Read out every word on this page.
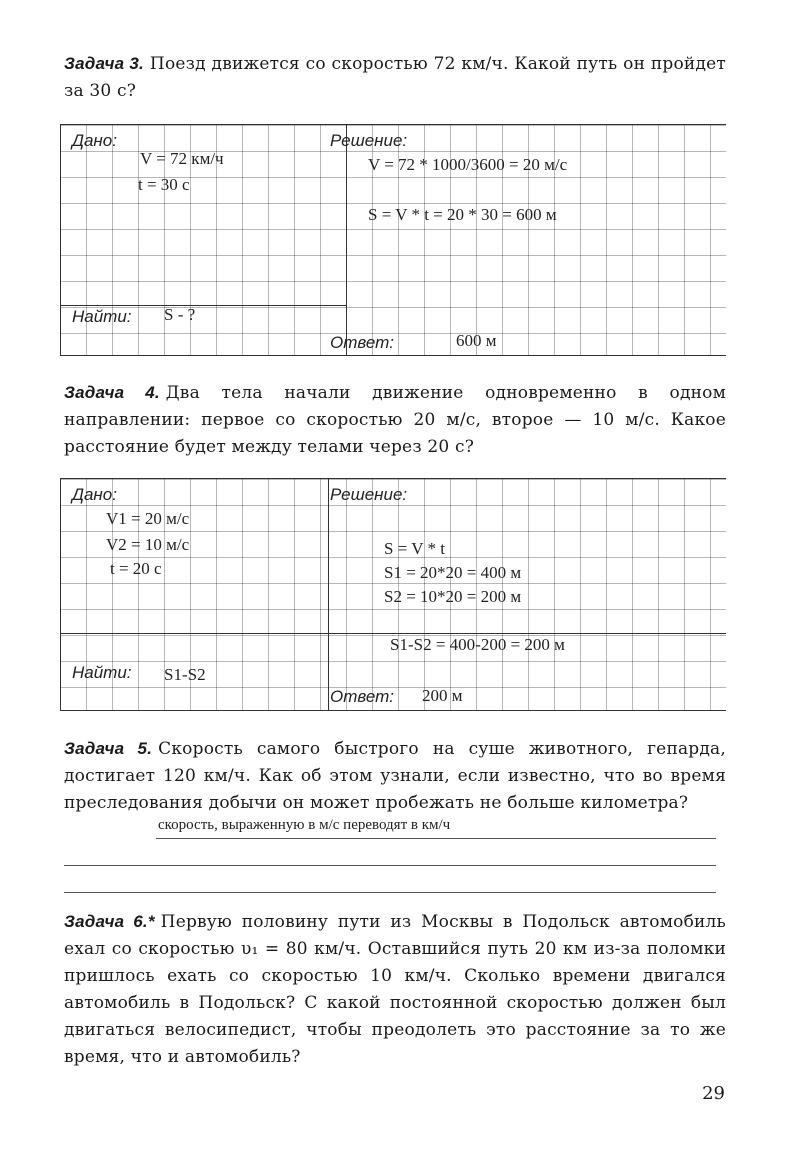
Задача 3. Поезд движется со скоростью 72 км/ч. Какой путь он пройдет за 30 с?
Дано:
V = 72 км/ч
t = 30 с
Решение:
V = 72 * 1000/3600 = 20 м/с
S = V * t = 20 * 30 = 600 м
Найти: S - ?
Ответ:	600 м
Задача 4. Два тела начали движение одновременно в одном направлении: первое со скоростью 20 м/с, второе — 10 м/с. Какое расстояние будет между телами через 20 с?
Дано:
V1 = 20 м/с
V2 = 10 м/с
t = 20 с
Решение:
S = V * t
S1 = 20*20 = 400 м
S2 = 10*20 = 200 м
S1-S2 = 400-200 = 200 м
Найти: S1-S2
Ответ: 200 м
Задача 5. Скорость самого быстрого на суше животного, гепарда, достигает 120 км/ч. Как об этом узнали, если известно, что во время преследования добычи он может пробежать не больше километра?
скорость, выраженную в м/с переводят в км/ч
Задача 6.* Первую половину пути из Москвы в Подольск автомобиль ехал со скоростью υ₁ = 80 км/ч. Оставшийся путь 20 км из-за поломки пришлось ехать со скоростью 10 км/ч. Сколько времени двигался автомобиль в Подольск? С какой постоянной скоростью должен был двигаться велосипедист, чтобы преодолеть это расстояние за то же время, что и автомобиль?
29
